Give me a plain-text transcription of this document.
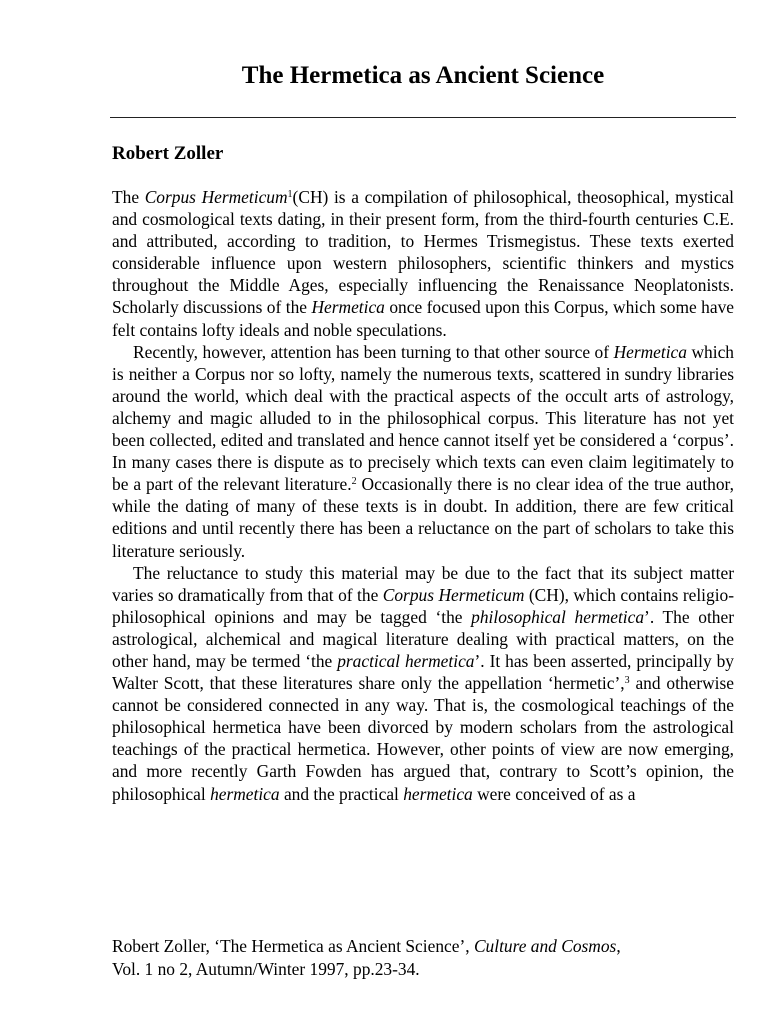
The Hermetica as Ancient Science
Robert Zoller

The Corpus Hermeticum$^1$(CH) is a compilation of philosophical, theosophical, mystical and cosmological texts dating, in their present form, from the third-fourth centuries C.E. and attributed, according to tradition, to Hermes Trismegistus. These texts exerted considerable influence upon western philosophers, scientific thinkers and mystics throughout the Middle Ages, especially influencing the Renaissance Neoplatonists. Scholarly discussions of the Hermetica once focused upon this Corpus, which some have felt contains lofty ideals and noble speculations.

Recently, however, attention has been turning to that other source of Hermetica which is neither a Corpus nor so lofty, namely the numerous texts, scattered in sundry libraries around the world, which deal with the practical aspects of the occult arts of astrology, alchemy and magic alluded to in the philosophical corpus. This literature has not yet been collected, edited and translated and hence cannot itself yet be considered a ‘corpus’. In many cases there is dispute as to precisely which texts can even claim legitimately to be a part of the relevant literature.$^2$ Occasionally there is no clear idea of the true author, while the dating of many of these texts is in doubt. In addition, there are few critical editions and until recently there has been a reluctance on the part of scholars to take this literature seriously.

The reluctance to study this material may be due to the fact that its subject matter varies so dramatically from that of the Corpus Hermeticum (CH), which contains religio-philosophical opinions and may be tagged ‘the philosophical hermetica’. The other astrological, alchemical and magical literature dealing with practical matters, on the other hand, may be termed ‘the practical hermetica’. It has been asserted, principally by Walter Scott, that these literatures share only the appellation ‘hermetic’,$^3$ and otherwise cannot be considered connected in any way. That is, the cosmological teachings of the philosophical hermetica have been divorced by modern scholars from the astrological teachings of the practical hermetica. However, other points of view are now emerging, and more recently Garth Fowden has argued that, contrary to Scott’s opinion, the philosophical hermetica and the practical hermetica were conceived of as a

Robert Zoller, ‘The Hermetica as Ancient Science’, Culture and Cosmos,
Vol. 1 no 2, Autumn/Winter 1997, pp.23-34.
